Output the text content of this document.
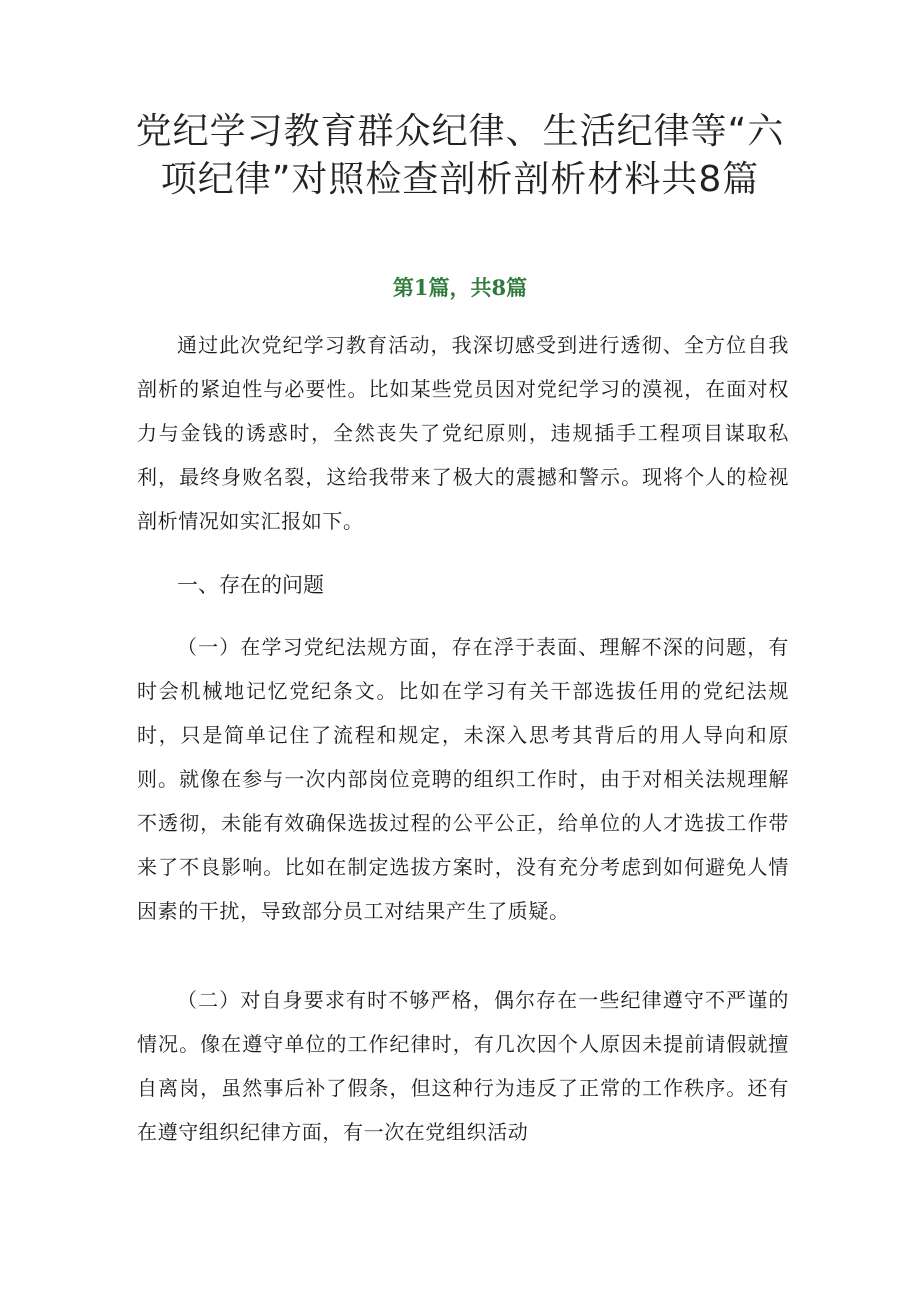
党纪学习教育群众纪律、生活纪律等“六项纪律”对照检查剖析剖析材料共8篇
第1篇，共8篇

通过此次党纪学习教育活动，我深切感受到进行透彻、全方位自我剖析的紧迫性与必要性。比如某些党员因对党纪学习的漠视，在面对权力与金钱的诱惑时，全然丧失了党纪原则，违规插手工程项目谋取私利，最终身败名裂，这给我带来了极大的震撼和警示。现将个人的检视剖析情况如实汇报如下。

一、存在的问题

（一）在学习党纪法规方面，存在浮于表面、理解不深的问题，有时会机械地记忆党纪条文。比如在学习有关干部选拔任用的党纪法规时，只是简单记住了流程和规定，未深入思考其背后的用人导向和原则。就像在参与一次内部岗位竞聘的组织工作时，由于对相关法规理解不透彻，未能有效确保选拔过程的公平公正，给单位的人才选拔工作带来了不良影响。比如在制定选拔方案时，没有充分考虑到如何避免人情因素的干扰，导致部分员工对结果产生了质疑。

（二）对自身要求有时不够严格，偶尔存在一些纪律遵守不严谨的情况。像在遵守单位的工作纪律时，有几次因个人原因未提前请假就擅自离岗，虽然事后补了假条，但这种行为违反了正常的工作秩序。还有在遵守组织纪律方面，有一次在党组织活动
